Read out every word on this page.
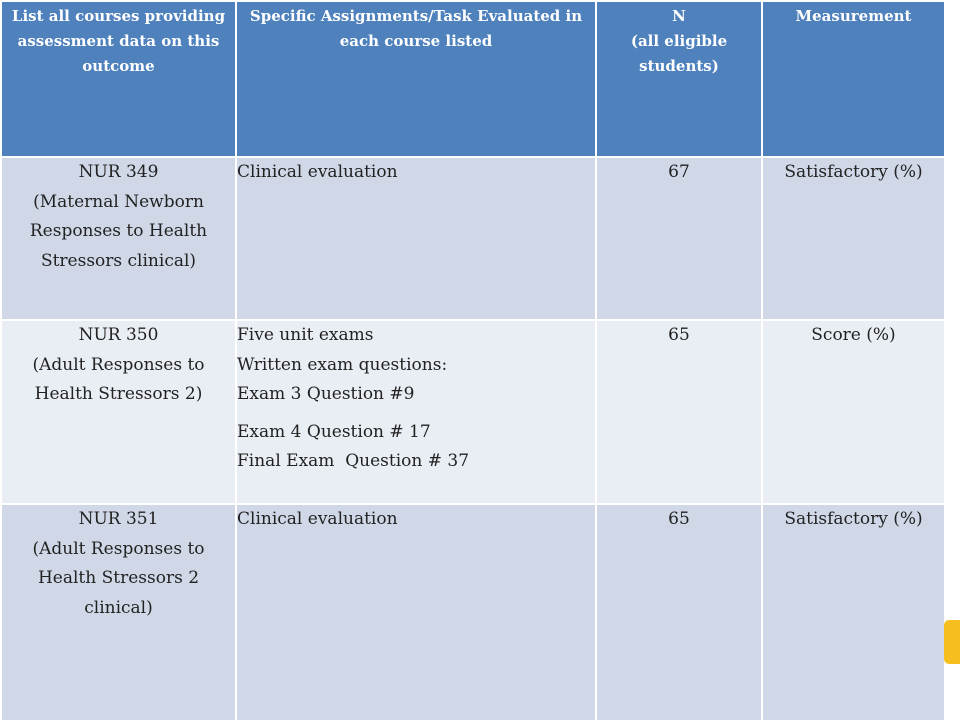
List all courses providing
assessment data on this
outcome	Specific Assignments/Task Evaluated in
each course listed	N
(all eligible
students)	Measurement

NUR 349
(Maternal Newborn
Responses to Health
Stressors clinical)	Clinical evaluation	67	Satisfactory (%)

NUR 350
(Adult Responses to
Health Stressors 2)	Five unit exams
Written exam questions:
Exam 3 Question #9
Exam 4 Question # 17
Final Exam  Question # 37	65	Score (%)

NUR 351
(Adult Responses to
Health Stressors 2 clinical)	Clinical evaluation	65	Satisfactory (%)
